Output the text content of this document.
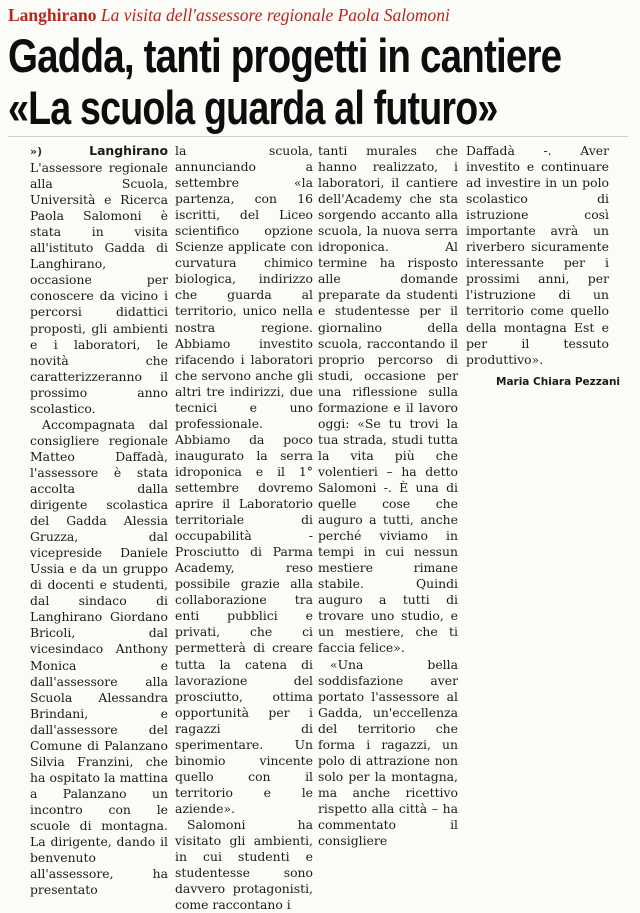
Langhirano La visita dell'assessore regionale Paola Salomoni
Gadda, tanti progetti in cantiere
«La scuola guarda al futuro»

»)	Langhirano L'assessore regionale alla Scuola, Università e Ricerca Paola Salomoni è stata in visita all'istituto Gadda di Langhirano, occasione per conoscere da vicino i percorsi didattici proposti, gli ambienti e i laboratori, le novità che caratterizzeranno il prossimo anno scolastico.

Accompagnata dal consigliere regionale Matteo Daffadà, l'assessore è stata accolta dalla dirigente scolastica del Gadda Alessia Gruzza, dal vicepreside Daniele Ussia e da un gruppo di docenti e studenti, dal sindaco di Langhirano Giordano Bricoli, dal vicesindaco Anthony Monica e dall'assessore alla Scuola Alessandra Brindani, e dall'assessore del Comune di Palanzano Silvia Franzini, che ha ospitato la mattina a Palanzano un incontro con le scuole di montagna. La dirigente, dando il benvenuto all'assessore, ha presentato

la scuola, annunciando a settembre «la partenza, con 16 iscritti, del Liceo scientifico opzione Scienze applicate con curvatura chimico biologica, indirizzo che guarda al territorio, unico nella nostra regione. Abbiamo investito rifacendo i laboratori che servono anche gli altri tre indirizzi, due tecnici e uno professionale. Abbiamo da poco inaugurato la serra idroponica e il 1° settembre dovremo aprire il Laboratorio territoriale di occupabilità - Prosciutto di Parma Academy, reso possibile grazie alla collaborazione tra enti pubblici e privati, che ci permetterà di creare tutta la catena di lavorazione del prosciutto, ottima opportunità per i ragazzi di sperimentare. Un binomio vincente quello con il territorio e le aziende».

Salomoni ha visitato gli ambienti, in cui studenti e studentesse sono davvero protagonisti, come raccontano i

tanti murales che hanno realizzato, i laboratori, il cantiere dell'Academy che sta sorgendo accanto alla scuola, la nuova serra idroponica. Al termine ha risposto alle domande preparate da studenti e studentesse per il giornalino della scuola, raccontando il proprio percorso di studi, occasione per una riflessione sulla formazione e il lavoro oggi: «Se tu trovi la tua strada, studi tutta la vita più che volentieri – ha detto Salomoni -. È una di quelle cose che auguro a tutti, anche perché viviamo in tempi in cui nessun mestiere rimane stabile. Quindi auguro a tutti di trovare uno studio, e un mestiere, che ti faccia felice».

«Una bella soddisfazione aver portato l'assessore al Gadda, un'eccellenza del territorio che forma i ragazzi, un polo di attrazione non solo per la montagna, ma anche ricettivo rispetto alla città – ha commentato il consigliere

Daffadà -. Aver investito e continuare ad investire in un polo scolastico di istruzione così importante avrà un riverbero sicuramente interessante per i prossimi anni, per l'istruzione di un territorio come quello della montagna Est e per il tessuto produttivo».

Maria Chiara Pezzani
